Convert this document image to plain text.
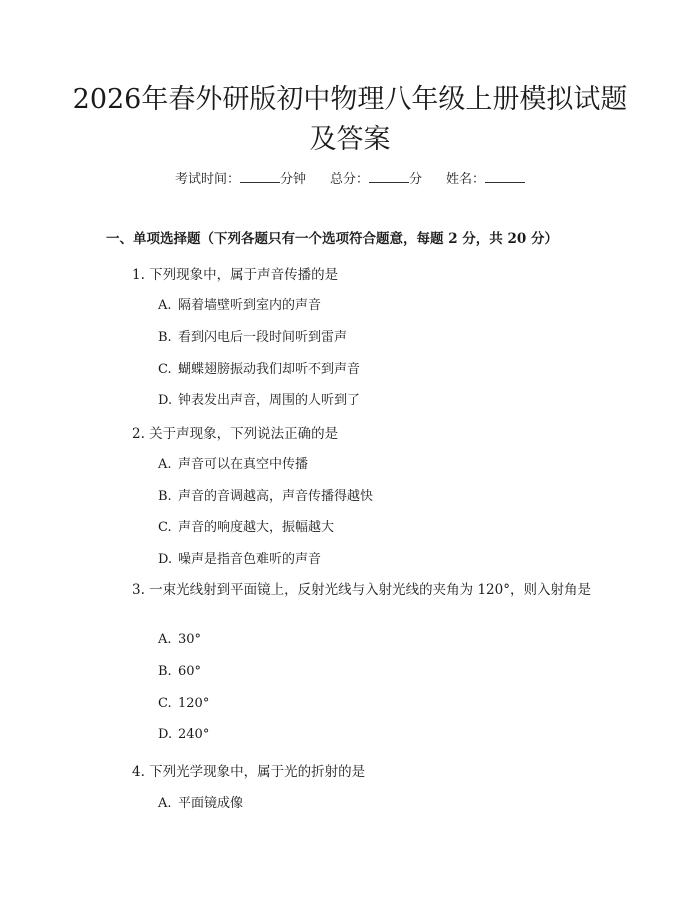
2026年春外研版初中物理八年级上册模拟试题及答案
考试时间：	分钟 总分：	分 姓名：
一、单项选择题（下列各题只有一个选项符合题意，每题 2 分，共 20 分）
1. 下列现象中，属于声音传播的是
A. 隔着墙壁听到室内的声音
B. 看到闪电后一段时间听到雷声
C. 蝴蝶翅膀振动我们却听不到声音
D. 钟表发出声音，周围的人听到了
2. 关于声现象，下列说法正确的是
A. 声音可以在真空中传播
B. 声音的音调越高，声音传播得越快
C. 声音的响度越大，振幅越大
D. 噪声是指音色难听的声音
3. 一束光线射到平面镜上，反射光线与入射光线的夹角为 120°，则入射角是
A. 30°
B. 60°
C. 120°
D. 240°
4. 下列光学现象中，属于光的折射的是
A. 平面镜成像
